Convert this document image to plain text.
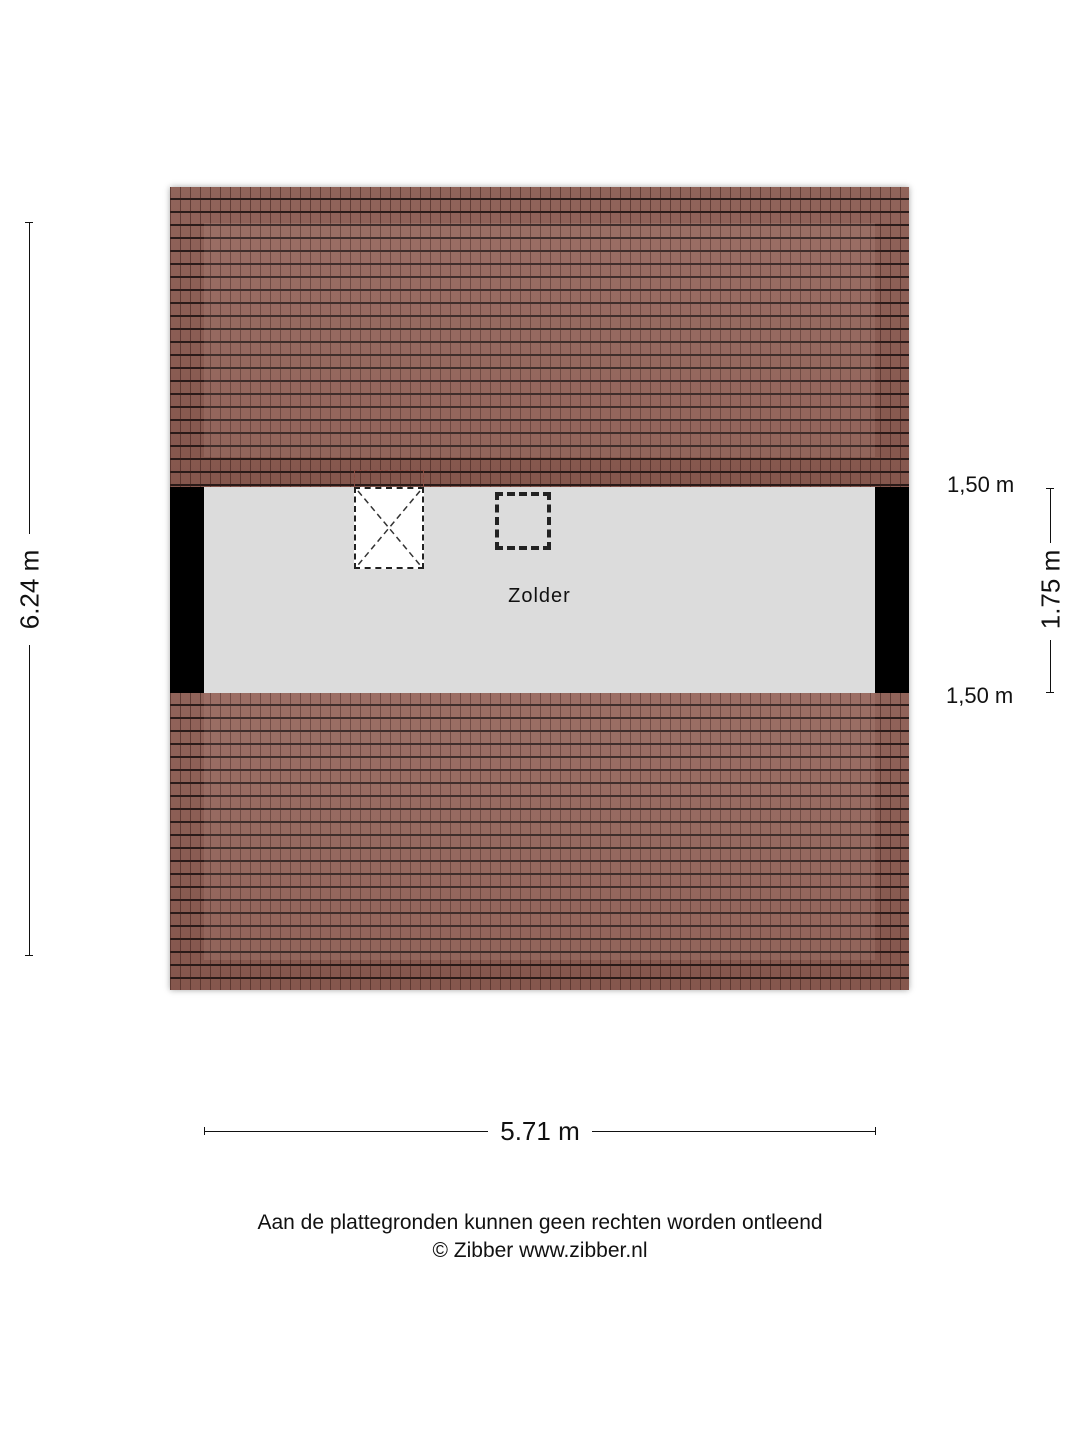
6.24 m	Zolder
1,50 m
1,50 m
1.75 m
5.71 m
Aan de plattegronden kunnen geen rechten worden ontleend
© Zibber www.zibber.nl
